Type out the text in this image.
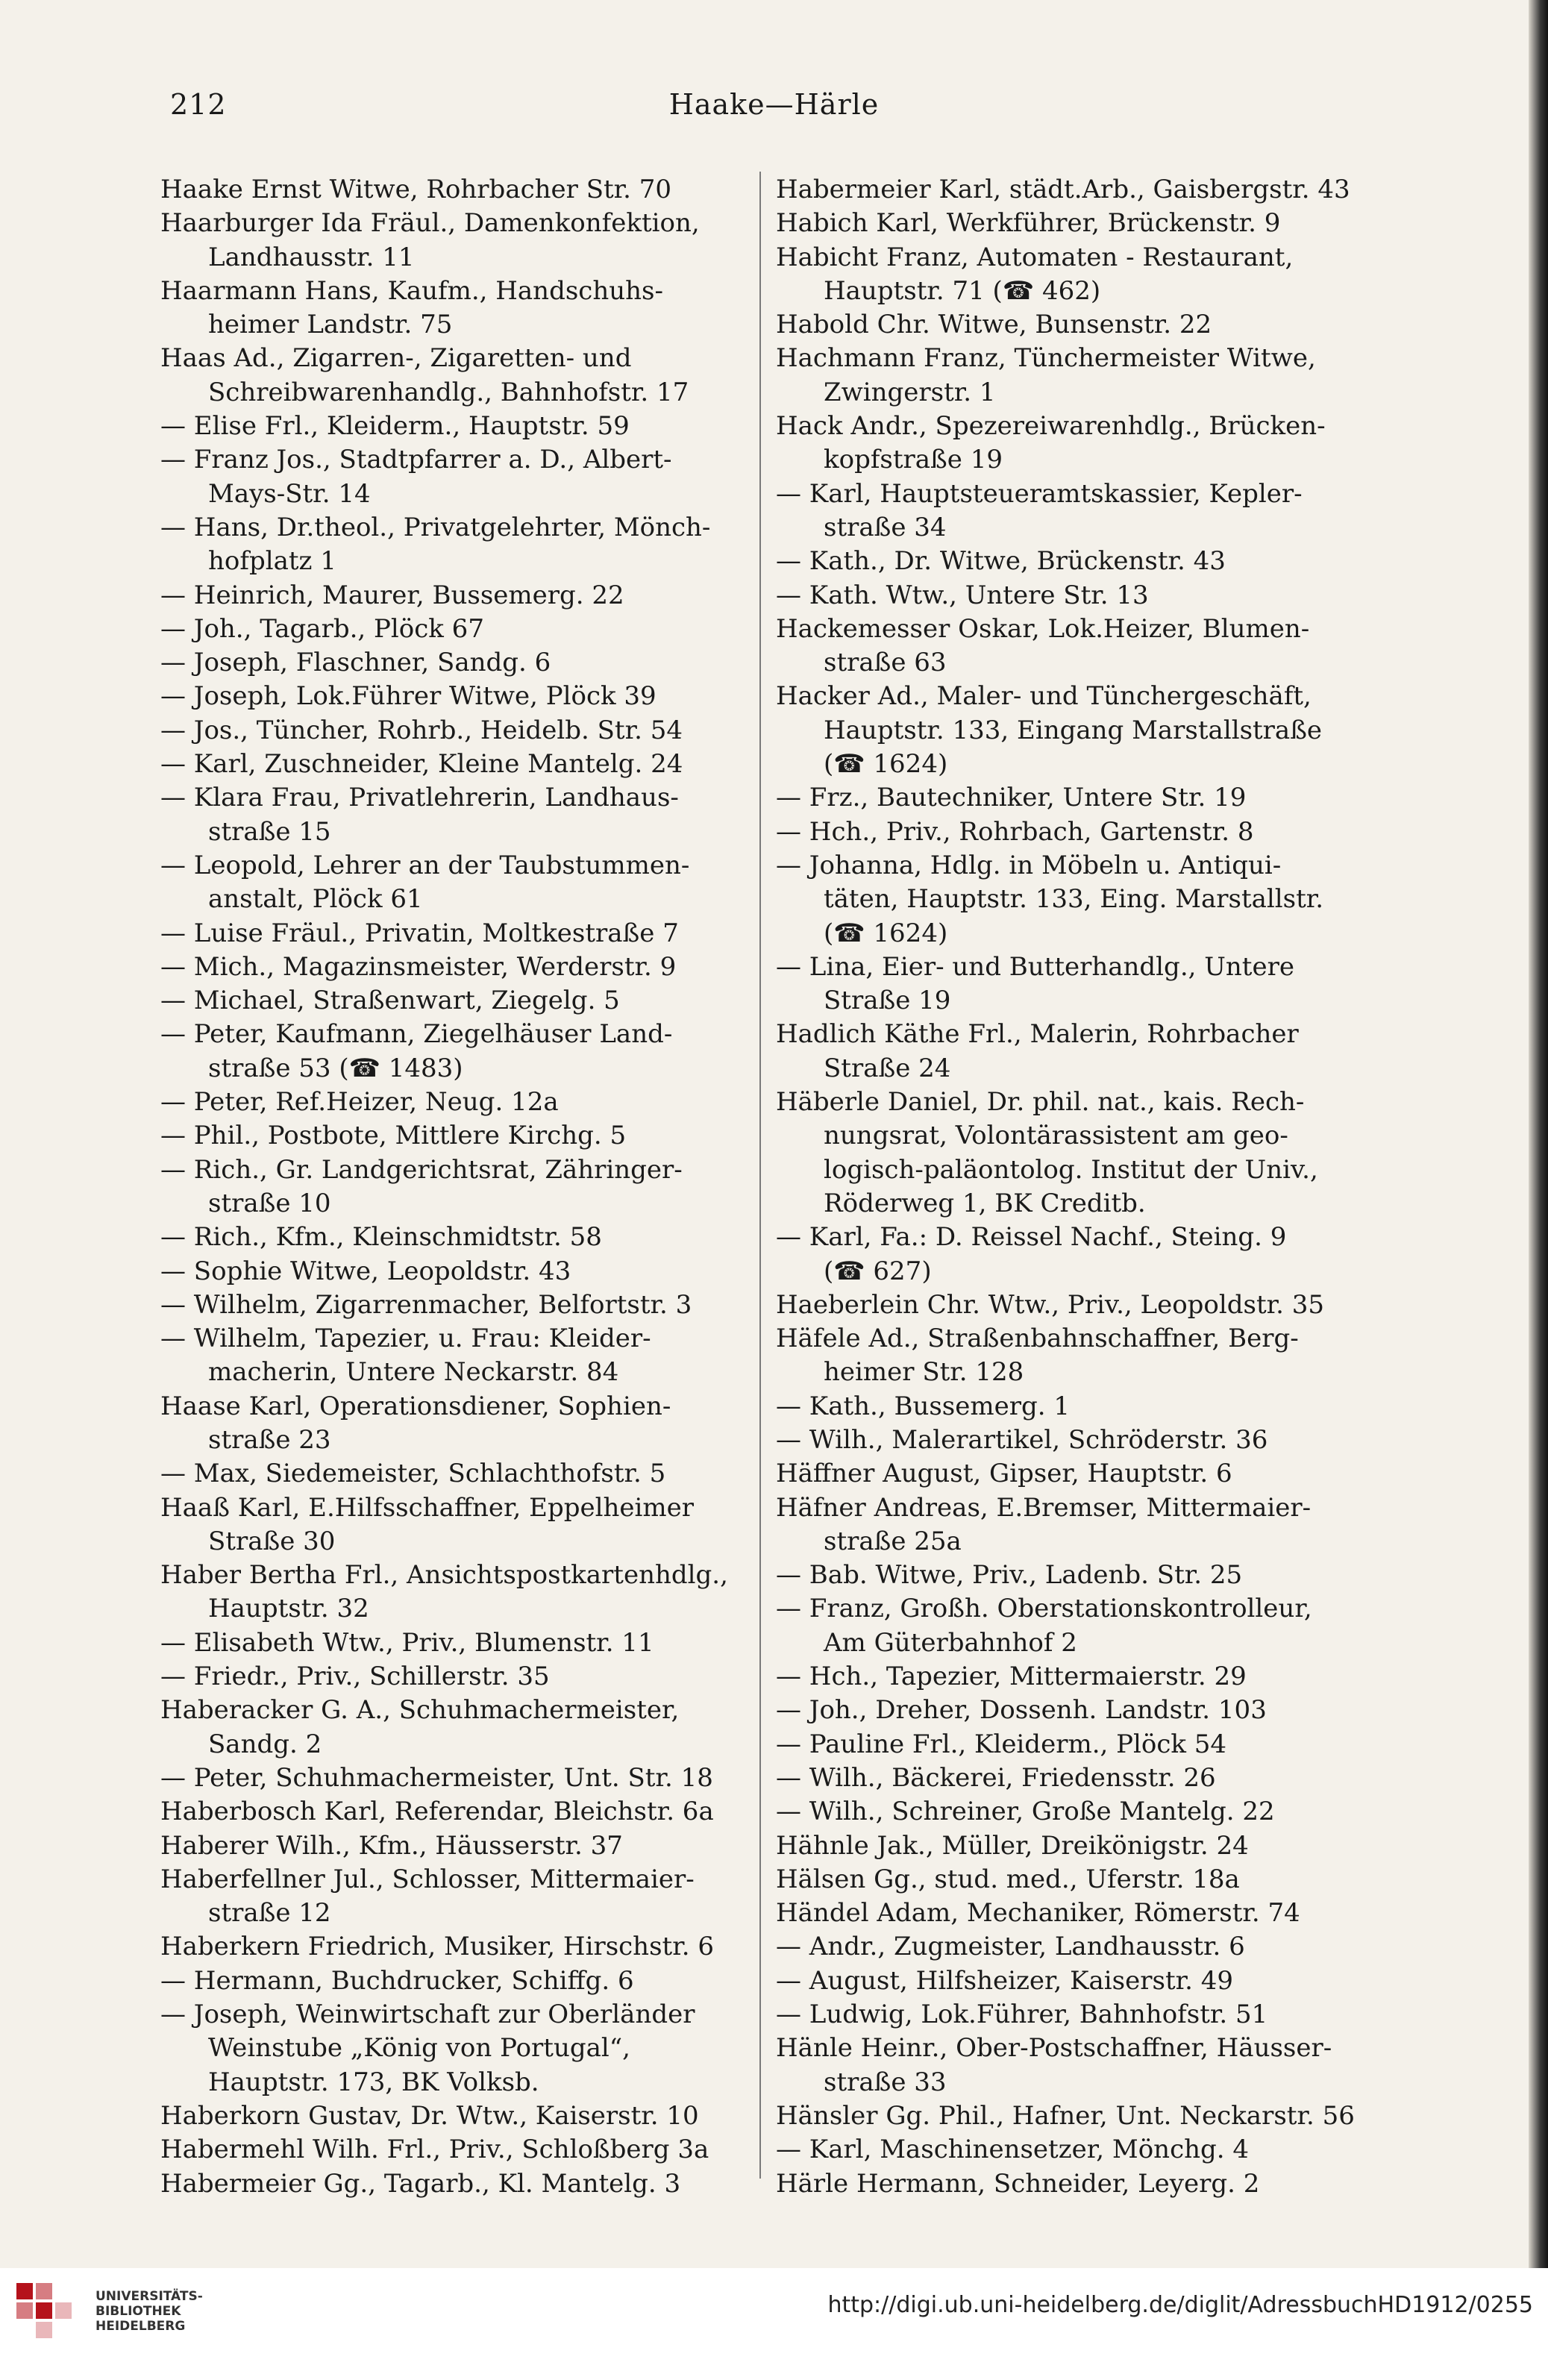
212	Haake—Härle
Haake Ernst Witwe, Rohrbacher Str. 70
Haarburger Ida Fräul., Damenkonfektion,
Landhausstr. 11
Haarmann Hans, Kaufm., Handschuhs-
heimer Landstr. 75
Haas Ad., Zigarren-, Zigaretten- und
Schreibwarenhandlg., Bahnhofstr. 17
— Elise Frl., Kleiderm., Hauptstr. 59
— Franz Jos., Stadtpfarrer a. D., Albert-
Mays-Str. 14
— Hans, Dr.theol., Privatgelehrter, Mönch-
hofplatz 1
— Heinrich, Maurer, Bussemerg. 22
— Joh., Tagarb., Plöck 67
— Joseph, Flaschner, Sandg. 6
— Joseph, Lok.Führer Witwe, Plöck 39
— Jos., Tüncher, Rohrb., Heidelb. Str. 54
— Karl, Zuschneider, Kleine Mantelg. 24
— Klara Frau, Privatlehrerin, Landhaus-
straße 15
— Leopold, Lehrer an der Taubstummen-
anstalt, Plöck 61
— Luise Fräul., Privatin, Moltkestraße 7
— Mich., Magazinsmeister, Werderstr. 9
— Michael, Straßenwart, Ziegelg. 5
— Peter, Kaufmann, Ziegelhäuser Land-
straße 53 (☎ 1483)
— Peter, Ref.Heizer, Neug. 12a
— Phil., Postbote, Mittlere Kirchg. 5
— Rich., Gr. Landgerichtsrat, Zähringer-
straße 10
— Rich., Kfm., Kleinschmidtstr. 58
— Sophie Witwe, Leopoldstr. 43
— Wilhelm, Zigarrenmacher, Belfortstr. 3
— Wilhelm, Tapezier, u. Frau: Kleider-
macherin, Untere Neckarstr. 84
Haase Karl, Operationsdiener, Sophien-
straße 23
— Max, Siedemeister, Schlachthofstr. 5
Haaß Karl, E.Hilfsschaffner, Eppelheimer
Straße 30
Haber Bertha Frl., Ansichtspostkartenhdlg.,
Hauptstr. 32
— Elisabeth Wtw., Priv., Blumenstr. 11
— Friedr., Priv., Schillerstr. 35
Haberacker G. A., Schuhmachermeister,
Sandg. 2
— Peter, Schuhmachermeister, Unt. Str. 18
Haberbosch Karl, Referendar, Bleichstr. 6a
Haberer Wilh., Kfm., Häusserstr. 37
Haberfellner Jul., Schlosser, Mittermaier-
straße 12
Haberkern Friedrich, Musiker, Hirschstr. 6
— Hermann, Buchdrucker, Schiffg. 6
— Joseph, Weinwirtschaft zur Oberländer
Weinstube „König von Portugal“,
Hauptstr. 173, BK Volksb.
Haberkorn Gustav, Dr. Wtw., Kaiserstr. 10
Habermehl Wilh. Frl., Priv., Schloßberg 3a
Habermeier Gg., Tagarb., Kl. Mantelg. 3
Habermeier Karl, städt.Arb., Gaisbergstr. 43
Habich Karl, Werkführer, Brückenstr. 9
Habicht Franz, Automaten - Restaurant,
Hauptstr. 71 (☎ 462)
Habold Chr. Witwe, Bunsenstr. 22
Hachmann Franz, Tünchermeister Witwe,
Zwingerstr. 1
Hack Andr., Spezereiwarenhdlg., Brücken-
kopfstraße 19
— Karl, Hauptsteueramtskassier, Kepler-
straße 34
— Kath., Dr. Witwe, Brückenstr. 43
— Kath. Wtw., Untere Str. 13
Hackemesser Oskar, Lok.Heizer, Blumen-
straße 63
Hacker Ad., Maler- und Tünchergeschäft,
Hauptstr. 133, Eingang Marstallstraße
(☎ 1624)
— Frz., Bautechniker, Untere Str. 19
— Hch., Priv., Rohrbach, Gartenstr. 8
— Johanna, Hdlg. in Möbeln u. Antiqui-
täten, Hauptstr. 133, Eing. Marstallstr.
(☎ 1624)
— Lina, Eier- und Butterhandlg., Untere
Straße 19
Hadlich Käthe Frl., Malerin, Rohrbacher
Straße 24
Häberle Daniel, Dr. phil. nat., kais. Rech-
nungsrat, Volontärassistent am geo-
logisch-paläontolog. Institut der Univ.,
Röderweg 1, BK Creditb.
— Karl, Fa.: D. Reissel Nachf., Steing. 9
(☎ 627)
Haeberlein Chr. Wtw., Priv., Leopoldstr. 35
Häfele Ad., Straßenbahnschaffner, Berg-
heimer Str. 128
— Kath., Bussemerg. 1
— Wilh., Malerartikel, Schröderstr. 36
Häffner August, Gipser, Hauptstr. 6
Häfner Andreas, E.Bremser, Mittermaier-
straße 25a
— Bab. Witwe, Priv., Ladenb. Str. 25
— Franz, Großh. Oberstationskontrolleur,
Am Güterbahnhof 2
— Hch., Tapezier, Mittermaierstr. 29
— Joh., Dreher, Dossenh. Landstr. 103
— Pauline Frl., Kleiderm., Plöck 54
— Wilh., Bäckerei, Friedensstr. 26
— Wilh., Schreiner, Große Mantelg. 22
Hähnle Jak., Müller, Dreikönigstr. 24
Hälsen Gg., stud. med., Uferstr. 18a
Händel Adam, Mechaniker, Römerstr. 74
— Andr., Zugmeister, Landhausstr. 6
— August, Hilfsheizer, Kaiserstr. 49
— Ludwig, Lok.Führer, Bahnhofstr. 51
Hänle Heinr., Ober-Postschaffner, Häusser-
straße 33
Hänsler Gg. Phil., Hafner, Unt. Neckarstr. 56
— Karl, Maschinensetzer, Mönchg. 4
Härle Hermann, Schneider, Leyerg. 2
UNIVERSITÄTS-
BIBLIOTHEK
HEIDELBERG
http://digi.ub.uni-heidelberg.de/diglit/AdressbuchHD1912/0255
